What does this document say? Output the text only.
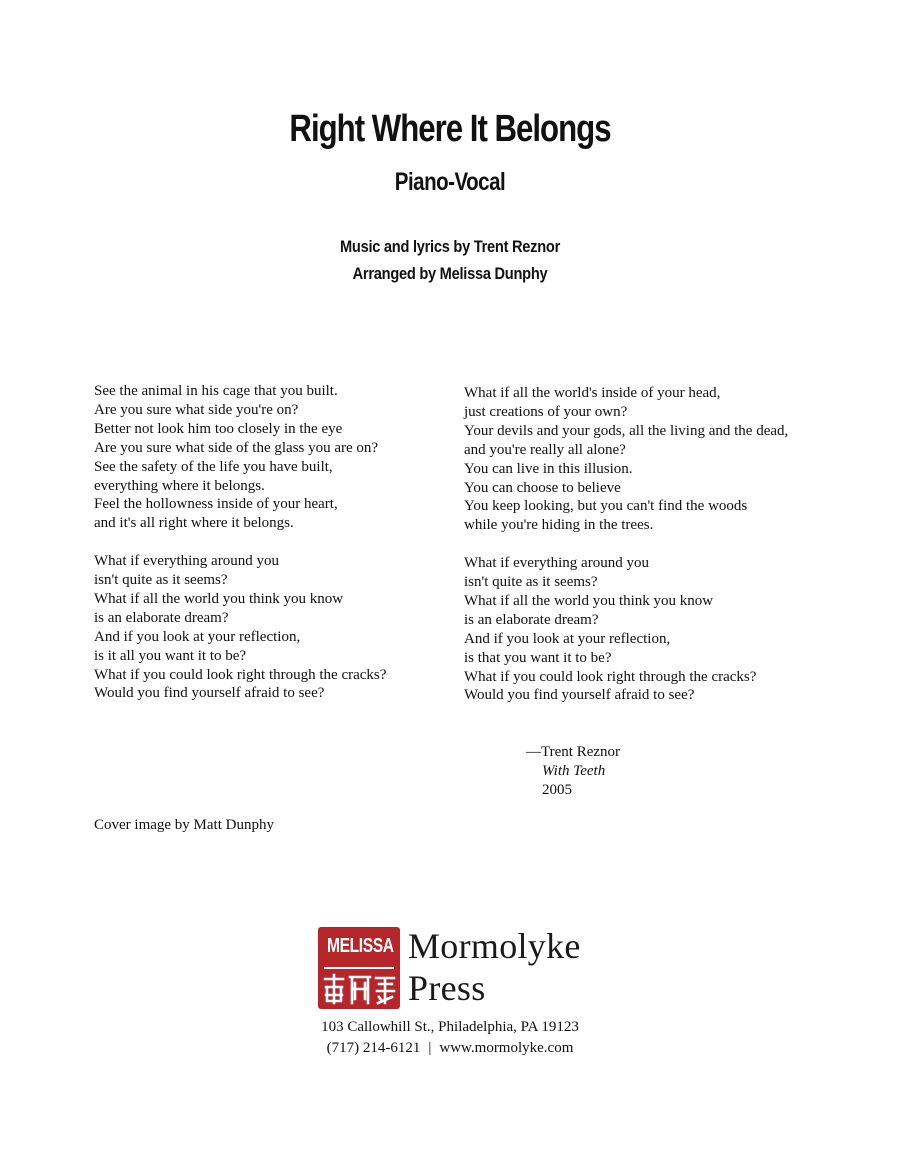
Right Where It Belongs
Piano-Vocal
Music and lyrics by Trent Reznor
Arranged by Melissa Dunphy
See the animal in his cage that you built.
Are you sure what side you're on?
Better not look him too closely in the eye
Are you sure what side of the glass you are on?
See the safety of the life you have built,
everything where it belongs.
Feel the hollowness inside of your heart,
and it's all right where it belongs.
What if everything around you
isn't quite as it seems?
What if all the world you think you know
is an elaborate dream?
And if you look at your reflection,
is it all you want it to be?
What if you could look right through the cracks?
Would you find yourself afraid to see?
What if all the world's inside of your head,
just creations of your own?
Your devils and your gods, all the living and the dead,
and you're really all alone?
You can live in this illusion.
You can choose to believe
You keep looking, but you can't find the woods
while you're hiding in the trees.
What if everything around you
isn't quite as it seems?
What if all the world you think you know
is an elaborate dream?
And if you look at your reflection,
is that you want it to be?
What if you could look right through the cracks?
Would you find yourself afraid to see?
—Trent Reznor
With Teeth
2005
Cover image by Matt Dunphy
MELISSA Mormolyke
Press
103 Callowhill St., Philadelphia, PA 19123
(717) 214-6121 | www.mormolyke.com
